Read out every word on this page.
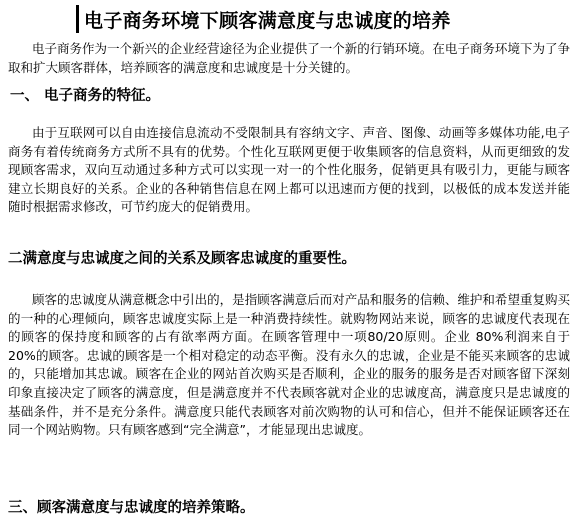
电子商务环境下顾客满意度与忠诚度的培养

电子商务作为一个新兴的企业经营途径为企业提供了一个新的行销环境。在电子商务环境下为了争取和扩大顾客群体，培养顾客的满意度和忠诚度是十分关键的。

一、 电子商务的特征。

由于互联网可以自由连接信息流动不受限制具有容纳文字、声音、图像、动画等多媒体功能,电子商务有着传统商务方式所不具有的优势。个性化互联网更便于收集顾客的信息资料，从而更细致的发现顾客需求，双向互动通过多种方式可以实现一对一的个性化服务，促销更具有吸引力，更能与顾客建立长期良好的关系。企业的各种销售信息在网上都可以迅速而方便的找到，以极低的成本发送并能随时根据需求修改，可节约庞大的促销费用。

二满意度与忠诚度之间的关系及顾客忠诚度的重要性。

顾客的忠诚度从满意概念中引出的，是指顾客满意后而对产品和服务的信赖、维护和希望重复购买的一种的心理倾向，顾客忠诚度实际上是一种消费持续性。就购物网站来说，顾客的忠诚度代表现在的顾客的保持度和顾客的占有欲率两方面。在顾客管理中一项80/20原则。企业 80%利润来自于 20%的顾客。忠诚的顾客是一个相对稳定的动态平衡。没有永久的忠诚，企业是不能买来顾客的忠诚的，只能增加其忠诚。顾客在企业的网站首次购买是否顺利，企业的服务的服务是否对顾客留下深刻印象直接决定了顾客的满意度，但是满意度并不代表顾客就对企业的忠诚度高，满意度只是忠诚度的基础条件，并不是充分条件。满意度只能代表顾客对前次购物的认可和信心，但并不能保证顾客还在同一个网站购物。只有顾客感到“完全满意”，才能显现出忠诚度。

三、顾客满意度与忠诚度的培养策略。
